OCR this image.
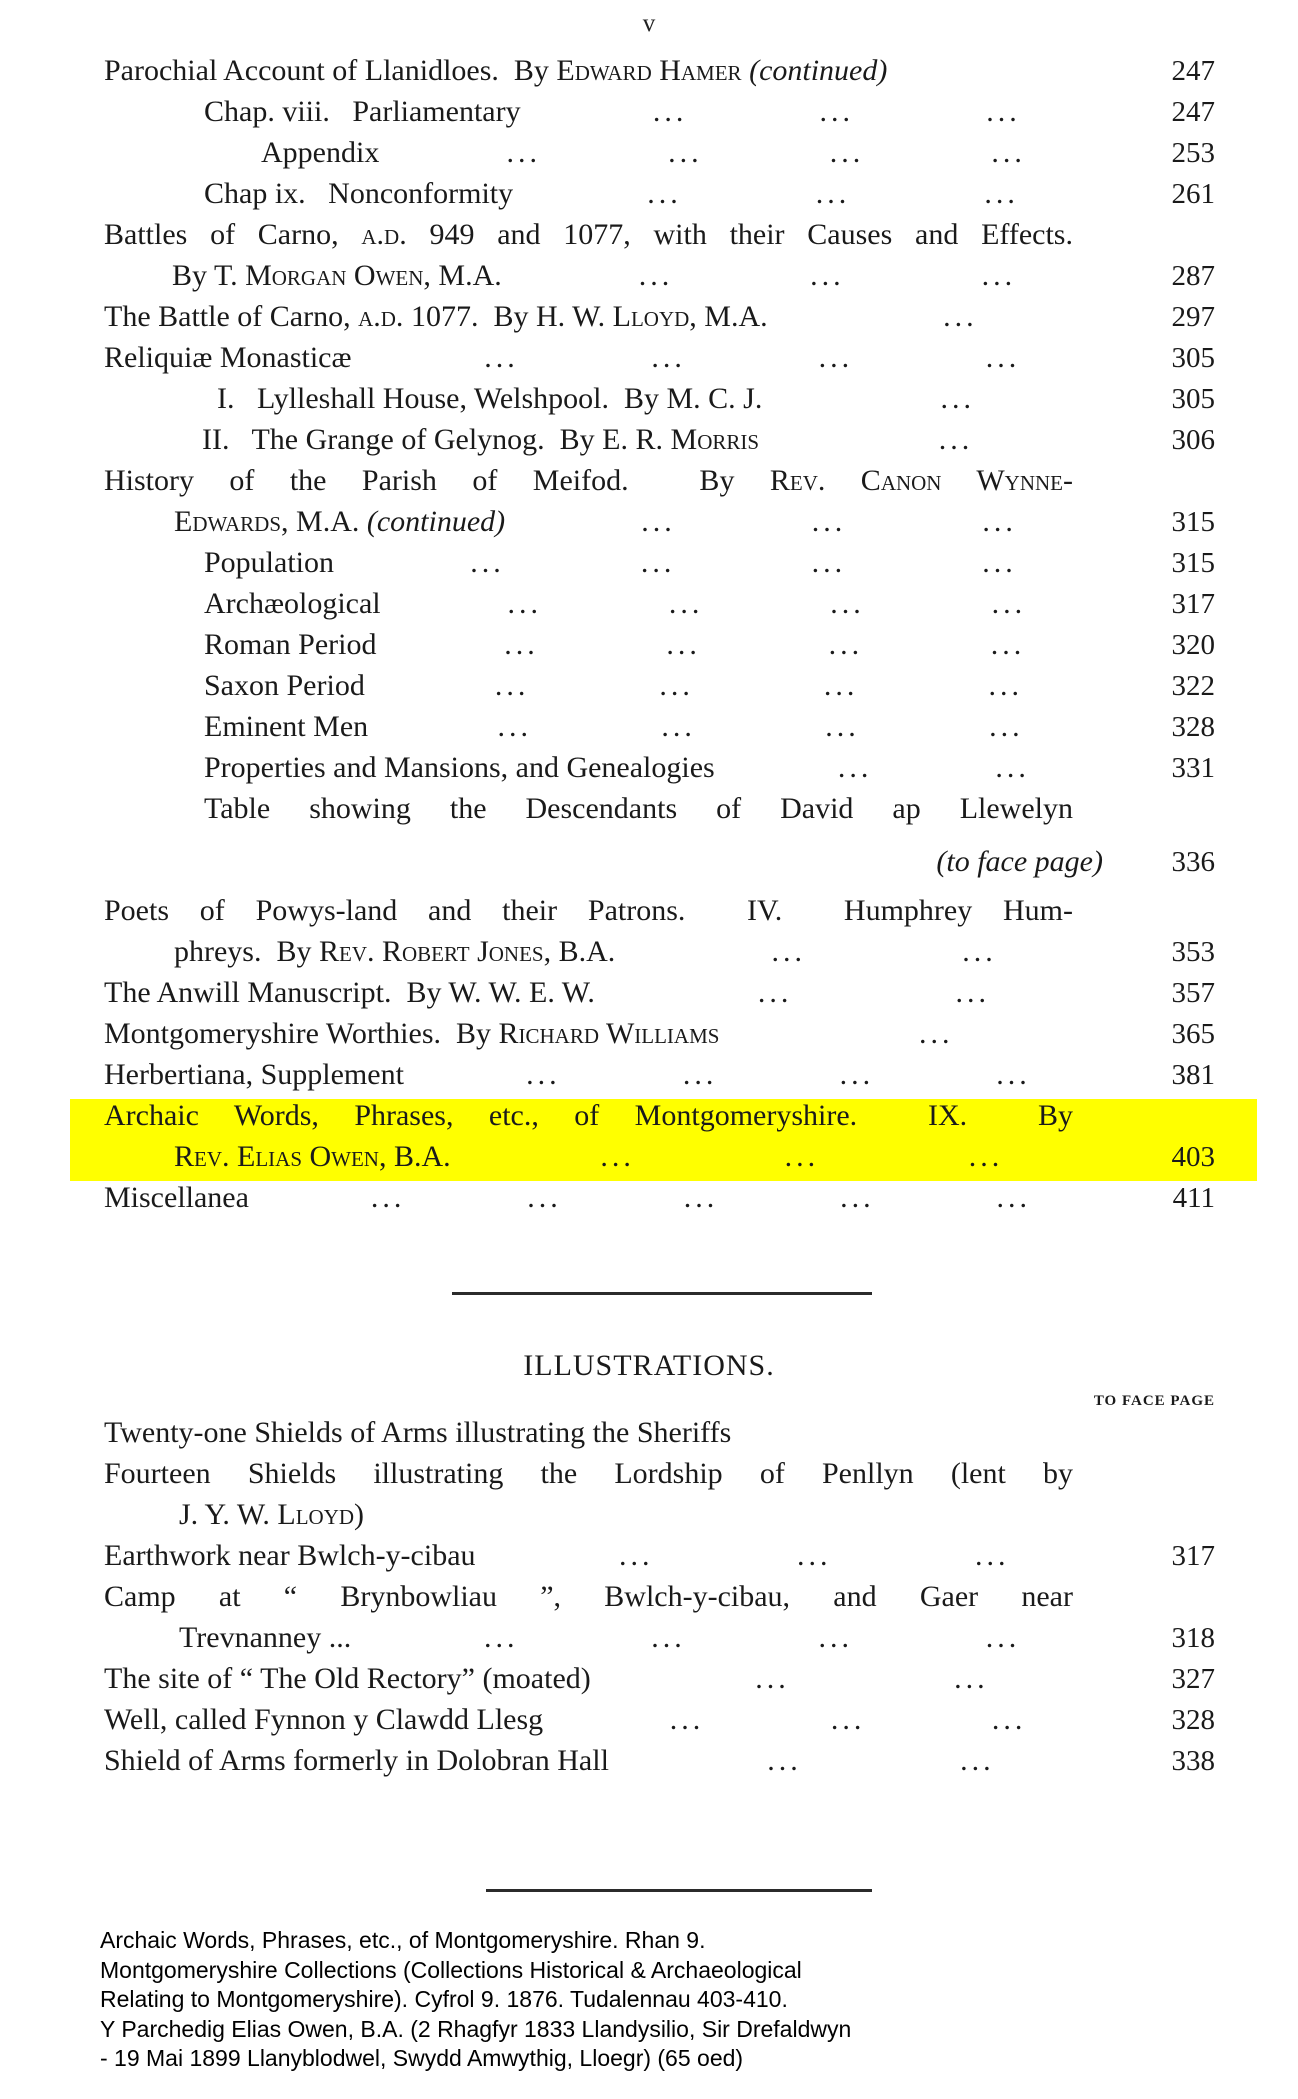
v
Parochial Account of Llanidloes.  By Edward Hamer (continued)	247
Chap. viii.   Parliamentary	...	...	...	247
Appendix	...	...	...	...	253
Chap ix.   Nonconformity	...	...	...	261
Battles of Carno, a.d. 949 and 1077, with their Causes and Effects.
By T. Morgan Owen, M.A.	...	...	...	287
The Battle of Carno, a.d. 1077.  By H. W. Lloyd, M.A.	...	297
Reliquiæ Monasticæ	...	...	...	...	305
I.   Lylleshall House, Welshpool.  By M. C. J.	...	305
II.   The Grange of Gelynog.  By E. R. Morris	...	306
History of the Parish of Meifod.  By Rev. Canon Wynne-
Edwards, M.A. (continued)	...	...	...	315
Population	...	...	...	...	315
Archæological	...	...	...	...	317
Roman Period	...	...	...	...	320
Saxon Period	...	...	...	...	322
Eminent Men	...	...	...	...	328
Properties and Mansions, and Genealogies	...	...	331
Table showing the Descendants of David ap Llewelyn
(to face page)	336
Poets of Powys-land and their Patrons.  IV.  Humphrey Hum-
phreys.  By Rev. Robert Jones, B.A.	...	...	353
The Anwill Manuscript.  By W. W. E. W.	...	...	357
Montgomeryshire Worthies.  By Richard Williams	...	365
Herbertiana, Supplement	...	...	...	...	381
Archaic Words, Phrases, etc., of Montgomeryshire.  IX.  By
Rev. Elias Owen, B.A.	...	...	...	403
Miscellanea	...	...	...	...	...	411
ILLUSTRATIONS.
TO FACE PAGE
Twenty-one Shields of Arms illustrating the Sheriffs
Fourteen Shields illustrating the Lordship of Penllyn (lent by
J. Y. W. Lloyd)
Earthwork near Bwlch-y-cibau	...	...	...	317
Camp at “ Brynbowliau ”, Bwlch-y-cibau, and Gaer near
Trevnanney ...	...	...	...	...	318
The site of “ The Old Rectory” (moated)	...	...	327
Well, called Fynnon y Clawdd Llesg	...	...	...	328
Shield of Arms formerly in Dolobran Hall	...	...	338
Archaic Words, Phrases, etc., of Montgomeryshire. Rhan 9.
Montgomeryshire Collections (Collections Historical & Archaeological
Relating to Montgomeryshire). Cyfrol 9. 1876. Tudalennau 403-410.
Y Parchedig Elias Owen, B.A. (2 Rhagfyr 1833 Llandysilio, Sir Drefaldwyn
- 19 Mai 1899 Llanyblodwel, Swydd Amwythig, Lloegr) (65 oed)
